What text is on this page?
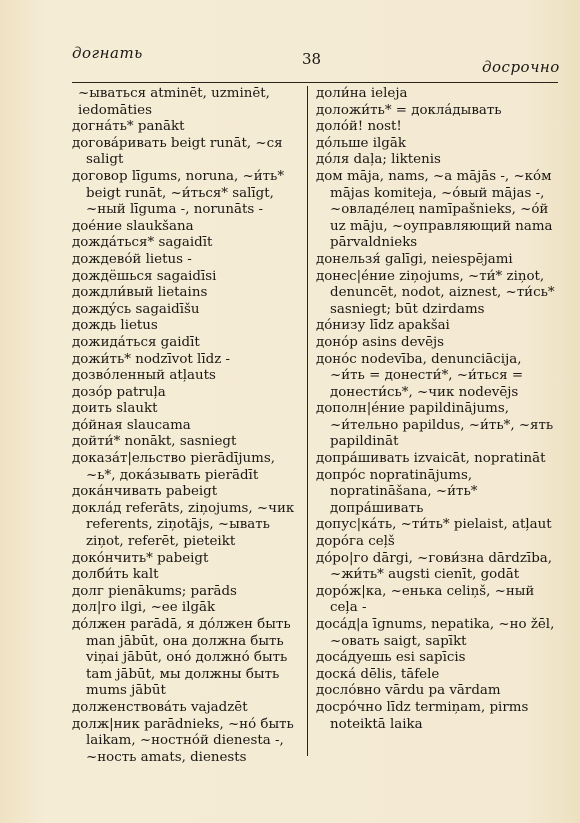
догнать	38	досрочно

~ываться atminēt, uzminēt, iedomāties

догнáть* panākt

договáривать beigt runāt, ~ся saligt

договор līgums, noruna, ~и́ть* beigt runāt, ~и́ться* salīgt, ~ный līguma -, norunāts -

доéние slaukšana

дождáться* sagaidīt

дождевóй lietus -

дождёшься sagaidīsi

дождли́вый lietains

дождýсь sagaidīšu

дождь lietus

дожидáться gaidīt

дожи́ть* nodzīvot līdz -

дозвóленный atļauts

дозóр patruļa

доить slaukt

дóйная slaucama

дойти́* nonākt, sasniegt

доказáт|ельство pierādījums, ~ь*, докáзывать pierādīt

докáнчивать pabeigt

доклáд referāts, ziņojums, ~чик referents, ziņotājs, ~ывать ziņot, referēt, pieteikt

докóнчить* pabeigt

долби́ть kalt

долг pienākums; parāds

дол|го ilgi, ~ее ilgāk

дóлжен parādā, я дóлжен быть man jābūt, она должна быть viņai jābūt, онó должнó быть tam jābūt, мы должны быть mums jābūt

долженствовáть vajadzēt

долж|ник parādnieks, ~нó быть laikam, ~ностнóй dienesta -, ~ность amats, dienests

доли́на ieleja

доложи́ть* = доклáдывать

долóй! nost!

дóльше ilgāk

дóля daļa; liktenis

дом māja, nams, ~а mājās -, ~кóм mājas komiteja, ~óвый mājas -, ~овладéлец namīpašnieks, ~óй uz māju, ~оуправляющий nama pārvaldnieks

донельзя́ galīgi, neiespējami

донес|éние ziņojums, ~ти́* ziņot, denuncēt, nodot, aiznest, ~ти́сь* sasniegt; būt dzirdams

дóнизу līdz apakšai

донóр asins devējs

донóс nodevība, denunciācija, ~и́ть = донести́*, ~и́ться = донести́сь*, ~чик nodevējs

дополн|éние papildinājums, ~и́тельно papildus, ~и́ть*, ~ять papildināt

допрáшивать izvaicāt, nopratināt

допрóс nopratinājums, nopratināšana, ~и́ть* допрáшивать

допус|кáть, ~ти́ть* pielaist, atļaut

дорóга ceļš

дóро|го dārgi, ~гови́зна dārdzība, ~жи́ть* augsti cienīt, godāt

дорóж|ка, ~енька celiņš, ~ный ceļa -

досáд|а īgnums, nepatika, ~но žēl, ~овать saigt, sapīkt

досáдуешь esi sapīcis

доскá dēlis, tāfele

дослóвно vārdu pa vārdam

досрóчно līdz termiņam, pirms noteiktā laika
